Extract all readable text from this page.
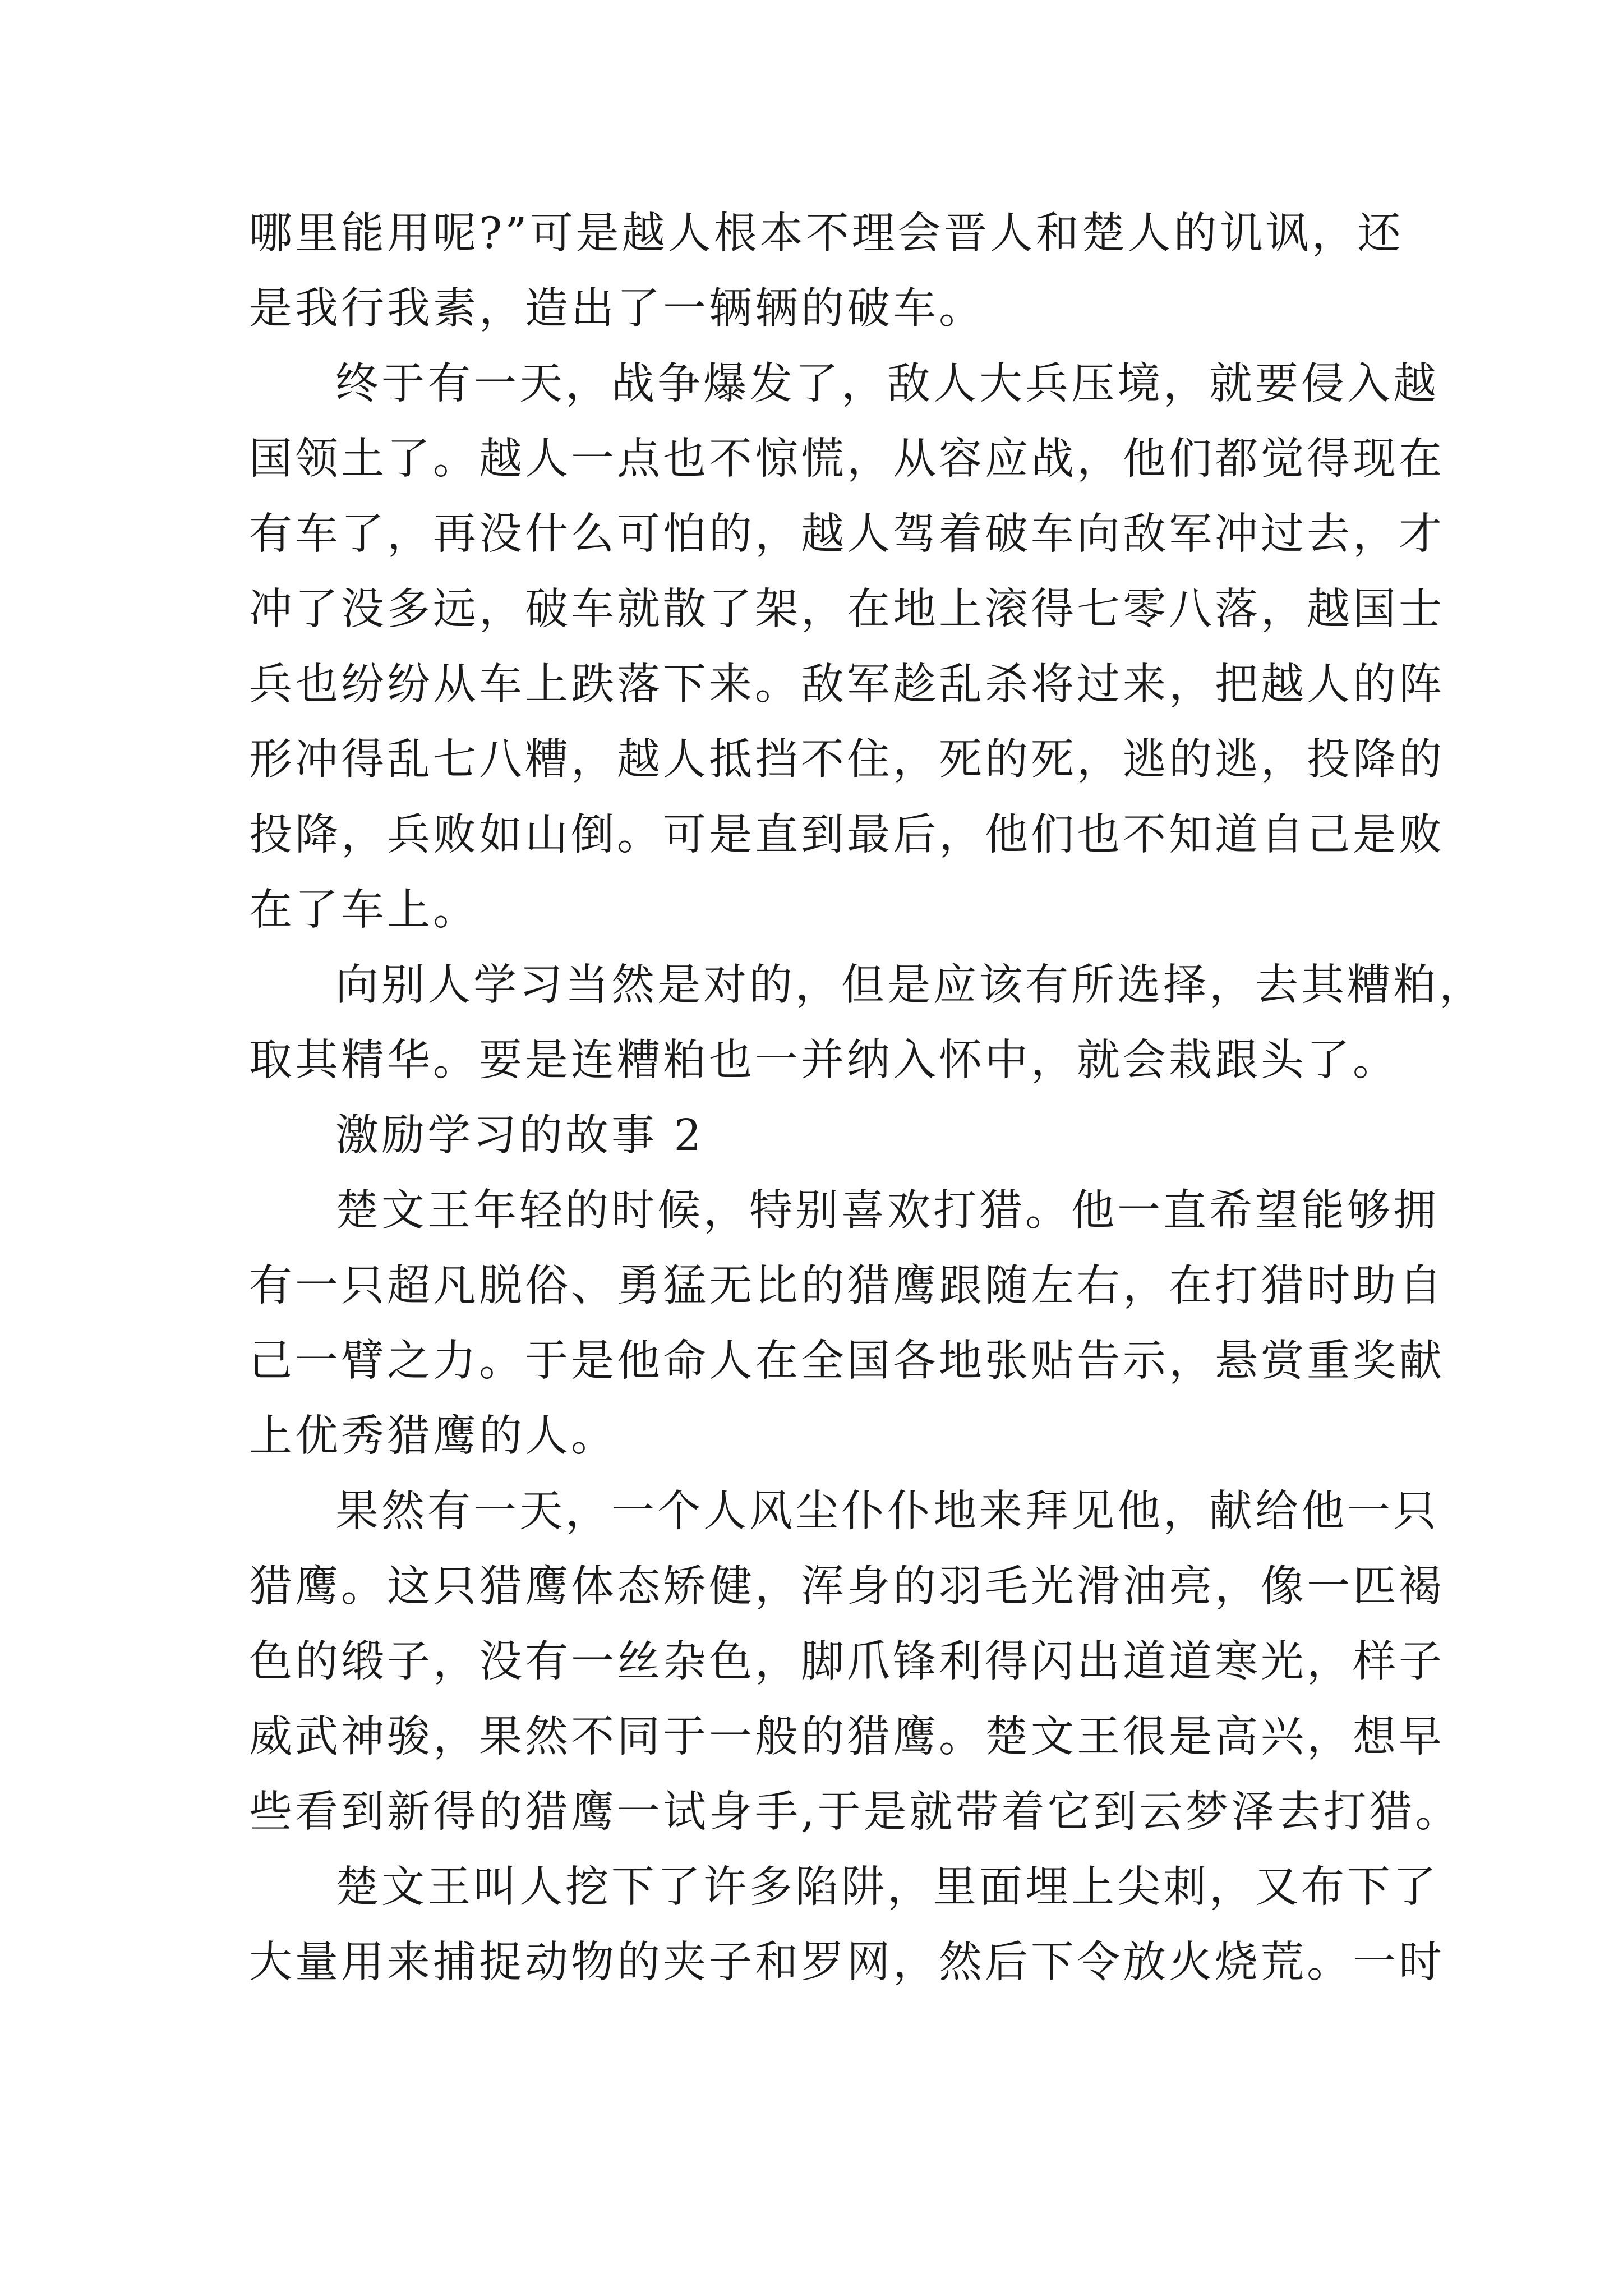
哪里能用呢?”可是越人根本不理会晋人和楚人的讥讽，还
是我行我素，造出了一辆辆的破车。
终于有一天，战争爆发了，敌人大兵压境，就要侵入越
国领土了。越人一点也不惊慌，从容应战，他们都觉得现在
有车了，再没什么可怕的，越人驾着破车向敌军冲过去，才
冲了没多远，破车就散了架，在地上滚得七零八落，越国士
兵也纷纷从车上跌落下来。敌军趁乱杀将过来，把越人的阵
形冲得乱七八糟，越人抵挡不住，死的死，逃的逃，投降的
投降，兵败如山倒。可是直到最后，他们也不知道自己是败
在了车上。
向别人学习当然是对的，但是应该有所选择，去其糟粕，
取其精华。要是连糟粕也一并纳入怀中，就会栽跟头了。
激励学习的故事 2
楚文王年轻的时候，特别喜欢打猎。他一直希望能够拥
有一只超凡脱俗、勇猛无比的猎鹰跟随左右，在打猎时助自
己一臂之力。于是他命人在全国各地张贴告示，悬赏重奖献
上优秀猎鹰的人。
果然有一天，一个人风尘仆仆地来拜见他，献给他一只
猎鹰。这只猎鹰体态矫健，浑身的羽毛光滑油亮，像一匹褐
色的缎子，没有一丝杂色，脚爪锋利得闪出道道寒光，样子
威武神骏，果然不同于一般的猎鹰。楚文王很是高兴，想早
些看到新得的猎鹰一试身手,于是就带着它到云梦泽去打猎。
楚文王叫人挖下了许多陷阱，里面埋上尖刺，又布下了
大量用来捕捉动物的夹子和罗网，然后下令放火烧荒。一时
